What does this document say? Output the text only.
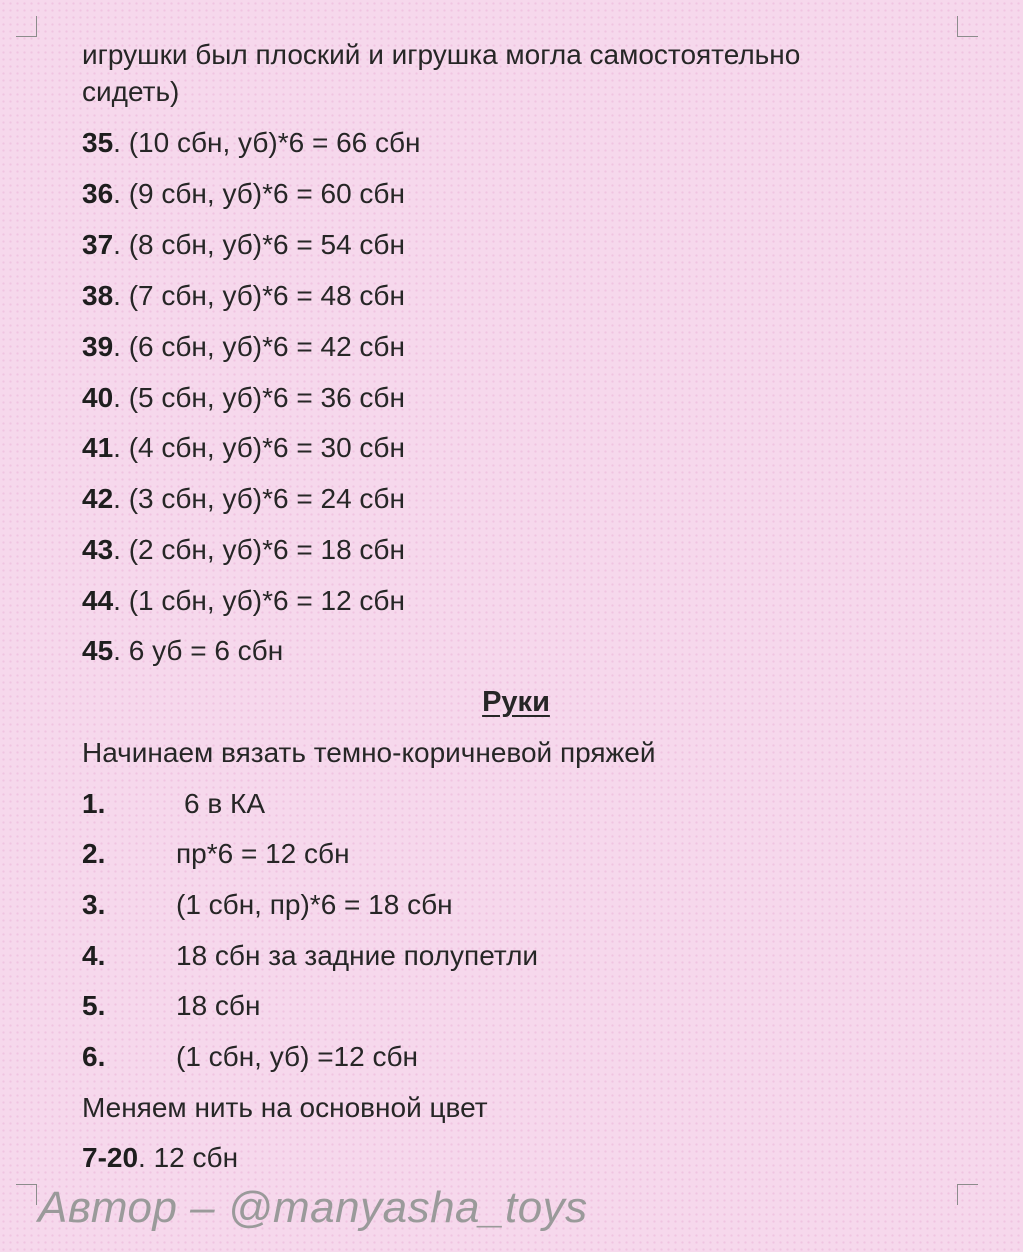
игрушки был плоский и игрушка могла самостоятельно
сидеть)
35. (10 сбн, уб)*6 = 66 сбн
36. (9 сбн, уб)*6 = 60 сбн
37. (8 сбн, уб)*6 = 54 сбн
38. (7 сбн, уб)*6 = 48 сбн
39. (6 сбн, уб)*6 = 42 сбн
40. (5 сбн, уб)*6 = 36 сбн
41. (4 сбн, уб)*6 = 30 сбн
42. (3 сбн, уб)*6 = 24 сбн
43. (2 сбн, уб)*6 = 18 сбн
44. (1 сбн, уб)*6 = 12 сбн
45. 6 уб = 6 сбн
Руки
Начинаем вязать темно-коричневой пряжей
1.	6 в КА
2.	пр*6 = 12 сбн
3.	(1 сбн, пр)*6 = 18 сбн
4.	18 сбн за задние полупетли
5.	18 сбн
6.	(1 сбн, уб) =12 сбн
Меняем нить на основной цвет
7-20. 12 сбн
Автор – @manyasha_toys
